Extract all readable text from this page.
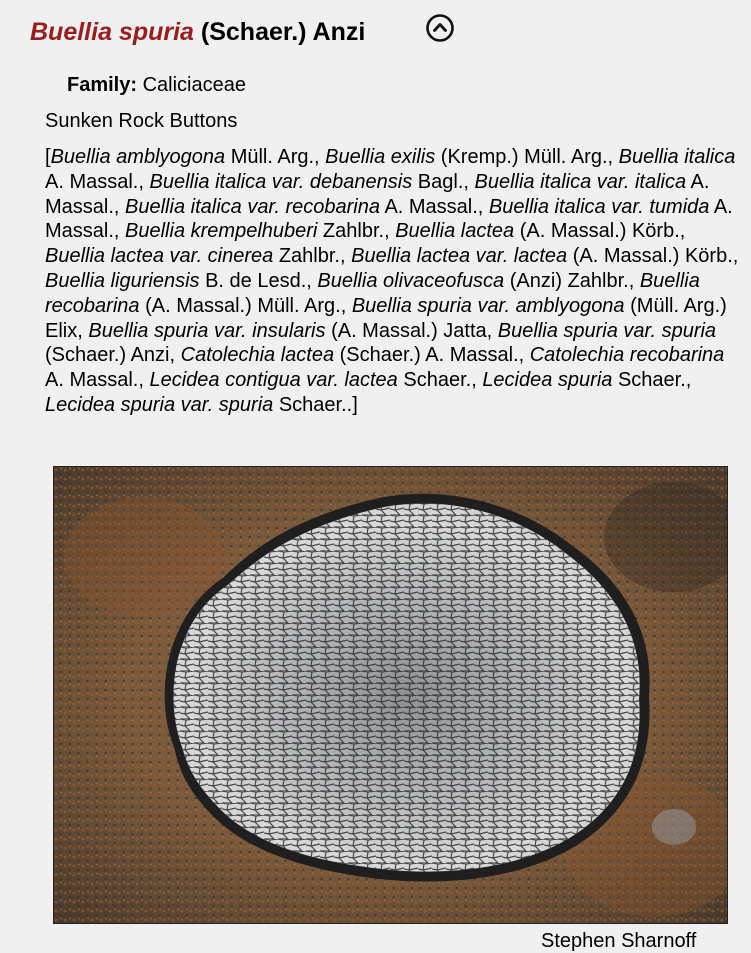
Buellia spuria (Schaer.) Anzi
Family: Caliciaceae
Sunken Rock Buttons
[Buellia amblyogona Müll. Arg., Buellia exilis (Kremp.) Müll. Arg., Buellia italica A. Massal., Buellia italica var. debanensis Bagl., Buellia italica var. italica A. Massal., Buellia italica var. recobarina A. Massal., Buellia italica var. tumida A. Massal., Buellia krempelhuberi Zahlbr., Buellia lactea (A. Massal.) Körb., Buellia lactea var. cinerea Zahlbr., Buellia lactea var. lactea (A. Massal.) Körb., Buellia liguriensis B. de Lesd., Buellia olivaceofusca (Anzi) Zahlbr., Buellia recobarina (A. Massal.) Müll. Arg., Buellia spuria var. amblyogona (Müll. Arg.) Elix, Buellia spuria var. insularis (A. Massal.) Jatta, Buellia spuria var. spuria (Schaer.) Anzi, Catolechia lactea (Schaer.) A. Massal., Catolechia recobarina A. Massal., Lecidea contigua var. lactea Schaer., Lecidea spuria Schaer., Lecidea spuria var. spuria Schaer..]
Stephen Sharnoff
